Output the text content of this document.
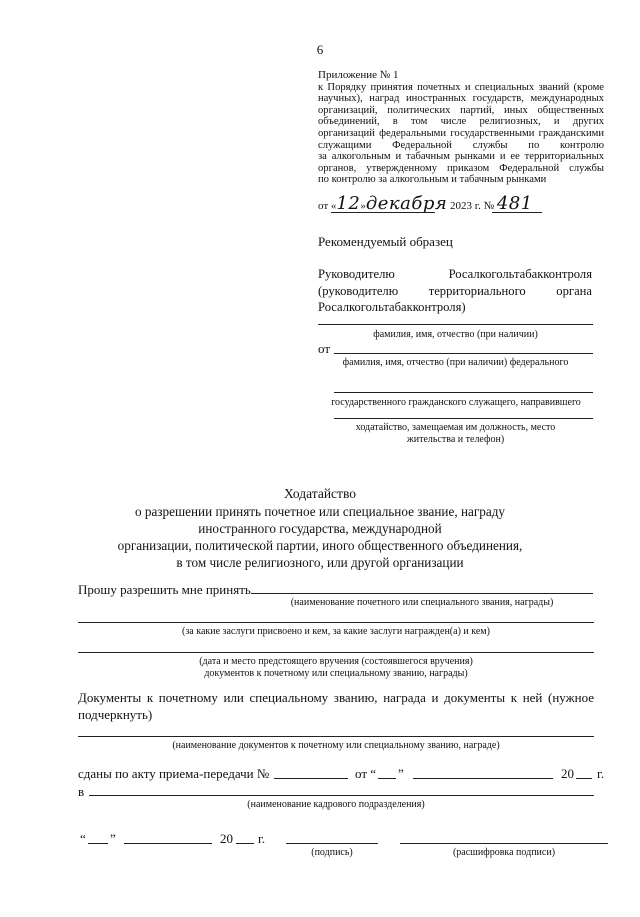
6
Приложение № 1
к Порядку принятия почетных и специальных званий (кроме
научных), наград иностранных государств, международных
организаций, политических партий, иных общественных
объединений, в том числе религиозных, и других
организаций федеральными государственными гражданскими
служащими Федеральной службы по контролю
за алкогольным и табачным рынками и ее территориальных
органов, утвержденному приказом Федеральной службы
по контролю за алкогольным и табачным рынками
от «12»декабря 2023 г. № 481
Рекомендуемый образец
Руководителю Росалкогольтабакконтроля
(руководителю территориального органа
Росалкогольтабакконтроля)
фамилия, имя, отчество (при наличии)
от
фамилия, имя, отчество (при наличии) федерального
государственного гражданского служащего, направившего
ходатайство, замещаемая им должность, место
жительства и телефон)
Ходатайство
о разрешении принять почетное или специальное звание, награду
иностранного государства, международной
организации, политической партии, иного общественного объединения,
в том числе религиозного, или другой организации
Прошу разрешить мне принять
(наименование почетного или специального звания, награды)
(за какие заслуги присвоено и кем, за какие заслуги награжден(а) и кем)
(дата и место предстоящего вручения (состоявшегося вручения)
документов к почетному или специальному званию, награды)
Документы к почетному или специальному званию, награда и документы к ней (нужное
подчеркнуть)
(наименование документов к почетному или специальному званию, награде)
сданы по акту приема-передачи №	от “ ”	20 г.
в
(наименование кадрового подразделения)
“ ”	20 г.
(подпись)	(расшифровка подписи)
